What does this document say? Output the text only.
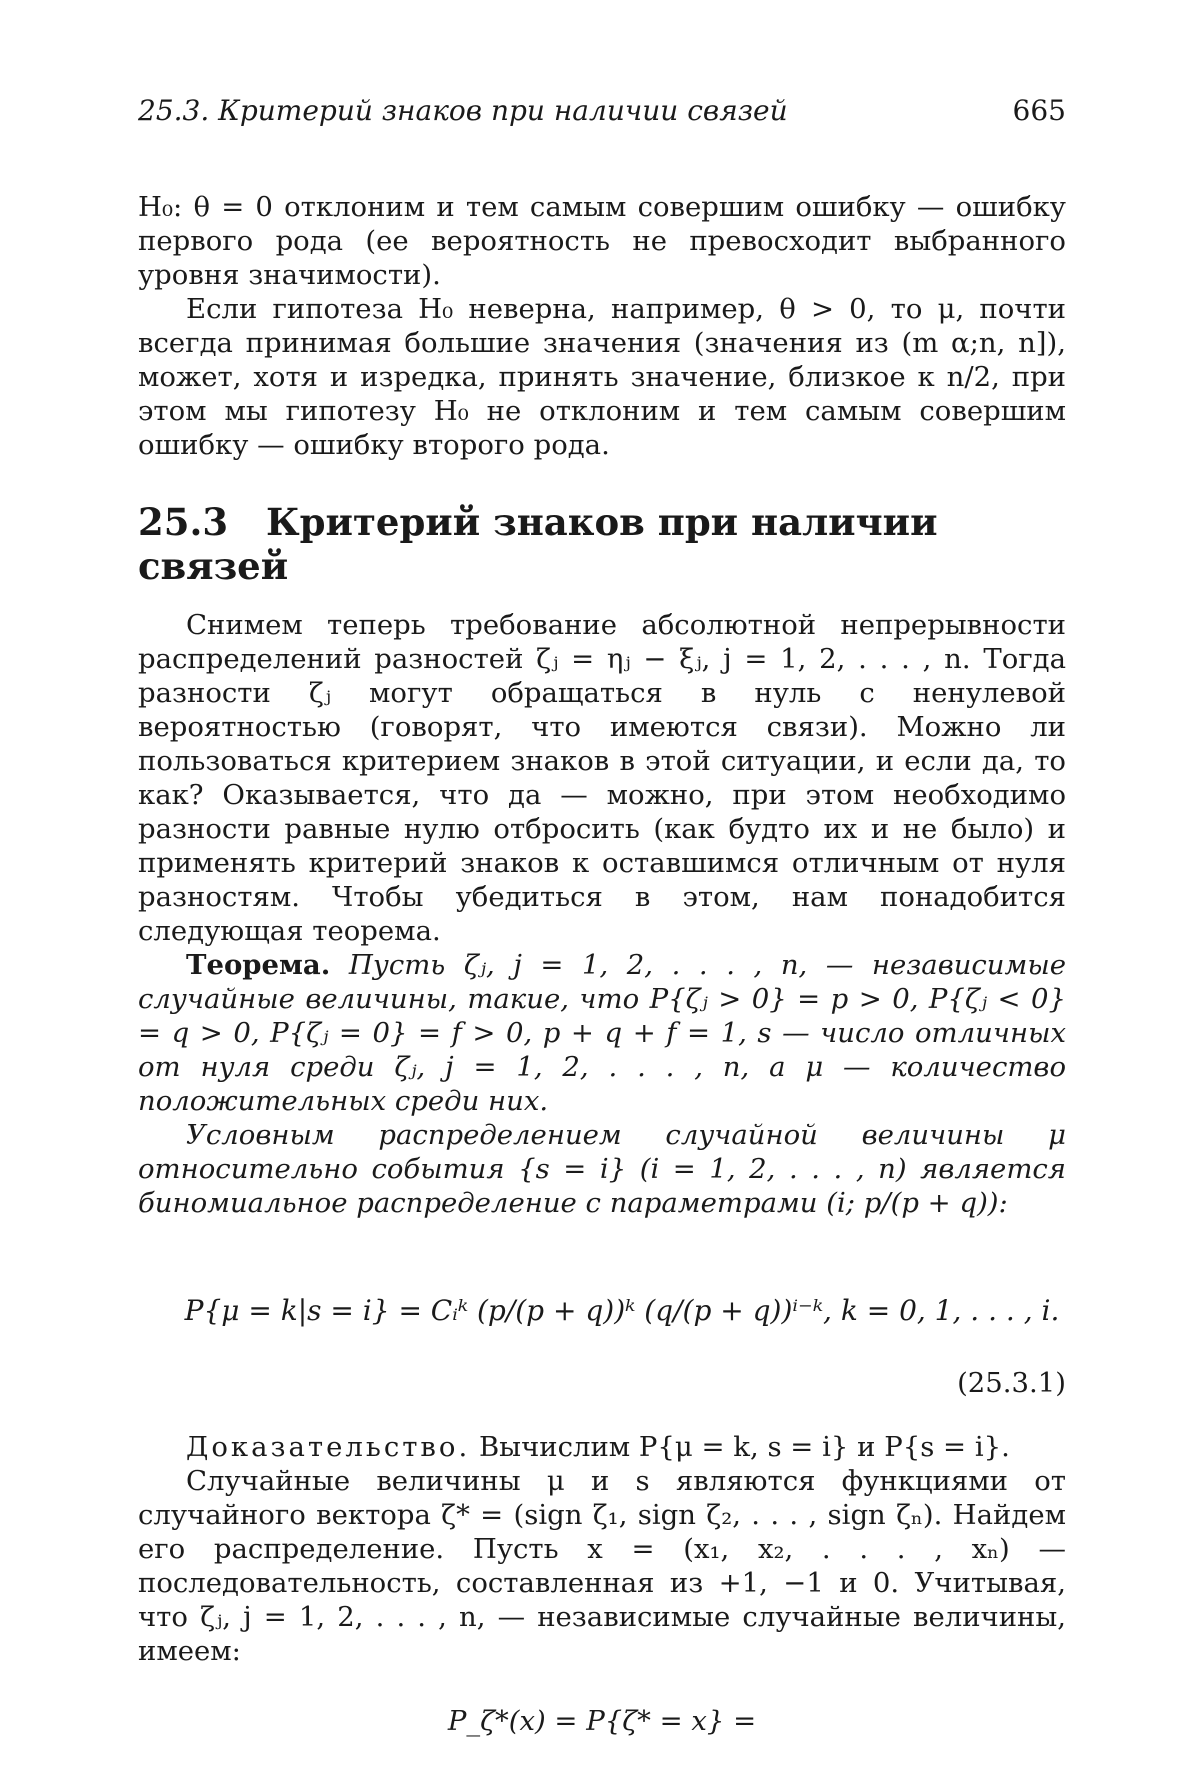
25.3. Критерий знаков при наличии связей	665

H₀: θ = 0 отклоним и тем самым совершим ошибку — ошибку первого рода (ее вероятность не превосходит выбранного уровня значимости).

Если гипотеза H₀ неверна, например, θ > 0, то μ, почти всегда принимая большие значения (значения из (m α;n, n]), может, хотя и изредка, принять значение, близкое к n/2, при этом мы гипотезу H₀ не отклоним и тем самым совершим ошибку — ошибку второго рода.

25.3 Критерий знаков при наличии связей

Снимем теперь требование абсолютной непрерывности распределений разностей ζⱼ = ηⱼ − ξⱼ, j = 1, 2, . . . , n. Тогда разности ζⱼ могут обращаться в нуль с ненулевой вероятностью (говорят, что имеются связи). Можно ли пользоваться критерием знаков в этой ситуации, и если да, то как? Оказывается, что да — можно, при этом необходимо разности равные нулю отбросить (как будто их и не было) и применять критерий знаков к оставшимся отличным от нуля разностям. Чтобы убедиться в этом, нам понадобится следующая теорема.

Теорема. Пусть ζⱼ, j = 1, 2, . . . , n, — независимые случайные величины, такие, что P{ζⱼ > 0} = p > 0, P{ζⱼ < 0} = q > 0, P{ζⱼ = 0} = f > 0, p + q + f = 1, s — число отличных от нуля среди ζⱼ, j = 1, 2, . . . , n, а μ — количество положительных среди них.

Условным распределением случайной величины μ относительно события {s = i} (i = 1, 2, . . . , n) является биномиальное распределение с параметрами (i; p/(p + q)):

P{μ = k|s = i} = Cᵢᵏ (p/(p + q))ᵏ (q/(p + q))ⁱ⁻ᵏ, k = 0, 1, . . . , i.
(25.3.1)

Доказательство. Вычислим P{μ = k, s = i} и P{s = i}.

Случайные величины μ и s являются функциями от случайного вектора ζ* = (sign ζ₁, sign ζ₂, . . . , sign ζₙ). Найдем его распределение. Пусть x = (x₁, x₂, . . . , xₙ) — последовательность, составленная из +1, −1 и 0. Учитывая, что ζⱼ, j = 1, 2, . . . , n, — независимые случайные величины, имеем:

P_ζ*(x) = P{ζ* = x} =
